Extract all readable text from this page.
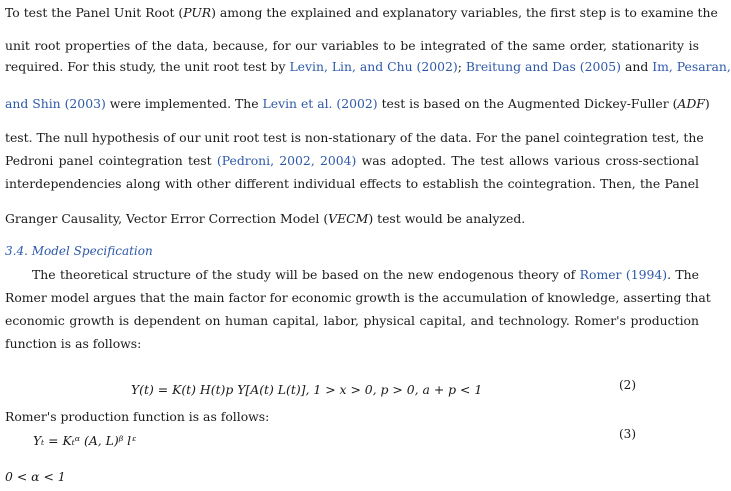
To test the Panel Unit Root (PUR) among the explained and explanatory variables, the first step is to examine the
unit root properties of the data, because, for our variables to be integrated of the same order, stationarity is
required. For this study, the unit root test by Levin, Lin, and Chu (2002); Breitung and Das (2005) and Im, Pesaran,
and Shin (2003) were implemented. The Levin et al. (2002) test is based on the Augmented Dickey-Fuller (ADF)
test. The null hypothesis of our unit root test is non-stationary of the data. For the panel cointegration test, the
Pedroni panel cointegration test (Pedroni, 2002, 2004) was adopted. The test allows various cross-sectional
interdependencies along with other different individual effects to establish the cointegration. Then, the Panel
Granger Causality, Vector Error Correction Model (VECM) test would be analyzed.
3.4. Model Specification
The theoretical structure of the study will be based on the new endogenous theory of Romer (1994). The
Romer model argues that the main factor for economic growth is the accumulation of knowledge, asserting that
economic growth is dependent on human capital, labor, physical capital, and technology. Romer's production
function is as follows:
Y(t) = K(t) H(t)p Y[A(t) L(t)], 1 > x > 0, p > 0, a + p < 1	(2)
Romer's production function is as follows:
Yₜ = Kₜᵅ (A, L)ᵝ lᵋ	(3)
0 < α < 1
